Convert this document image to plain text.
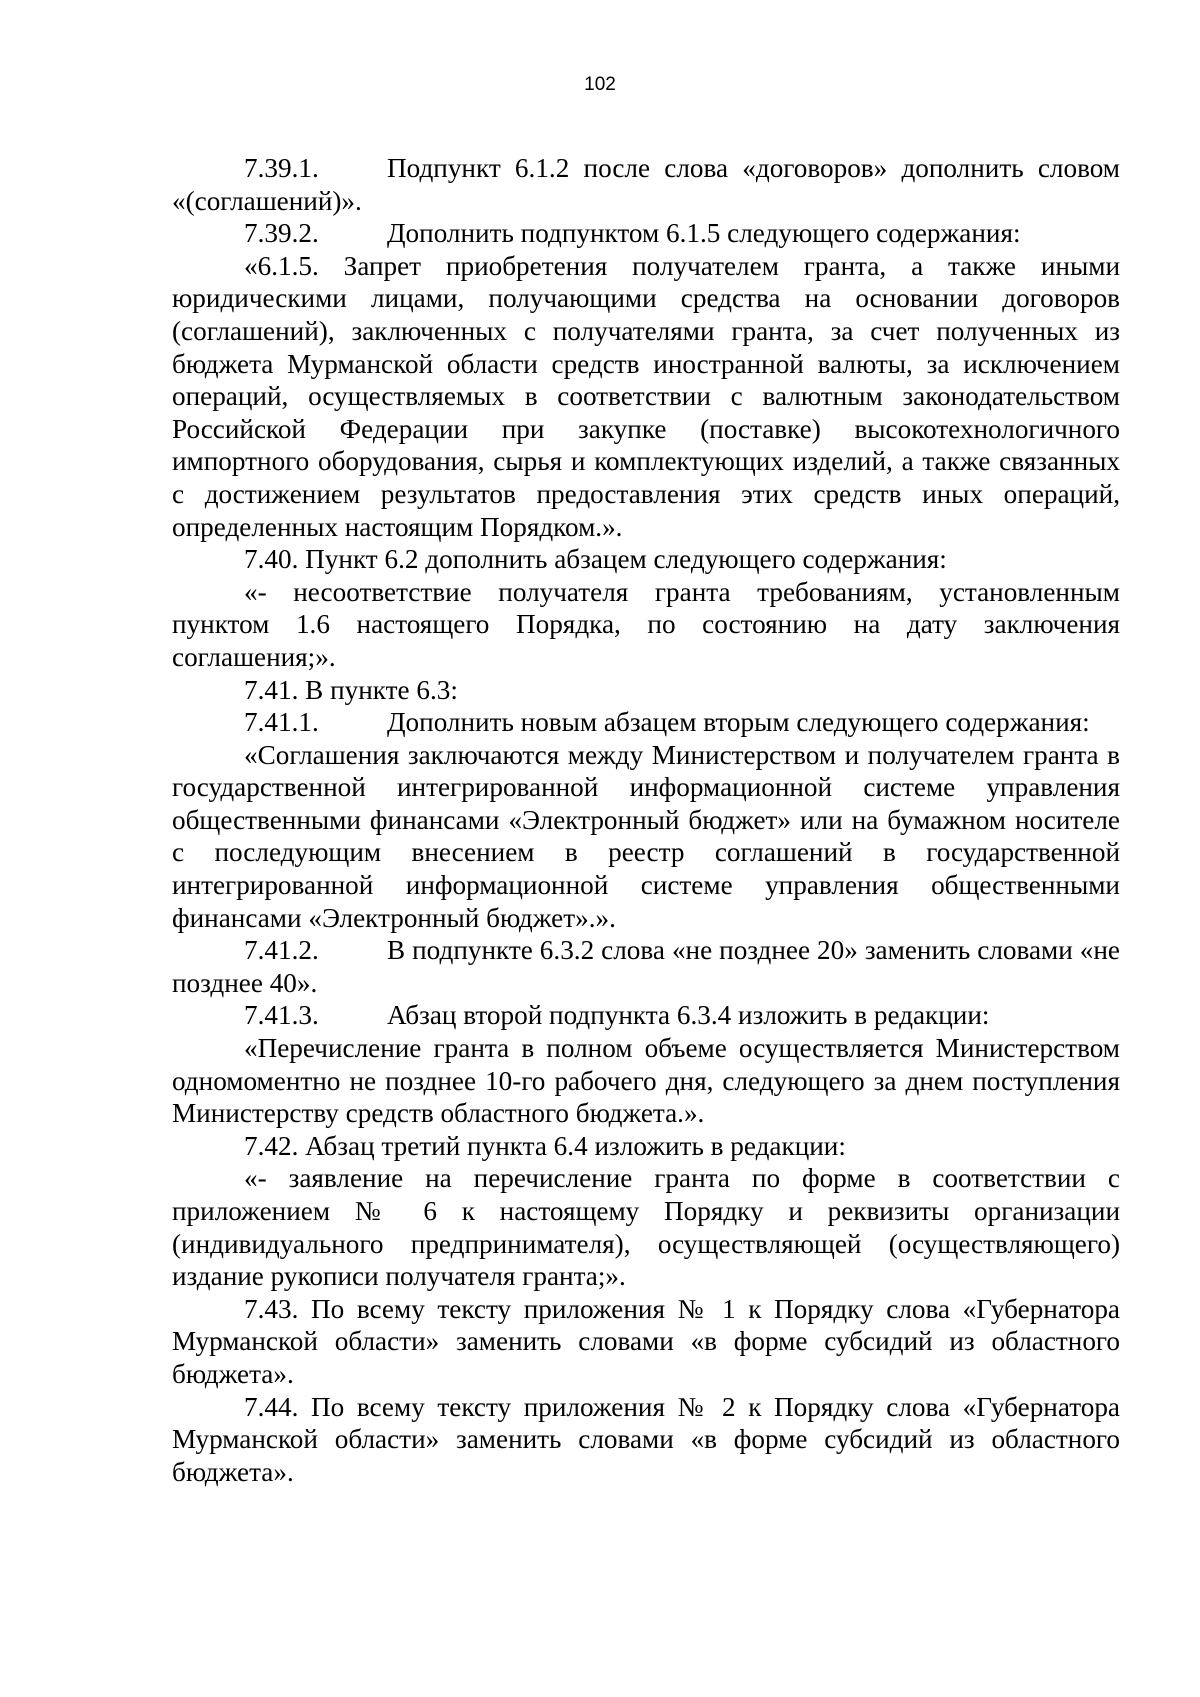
102

7.39.1.	Подпункт 6.1.2 после слова «договоров» дополнить словом «(соглашений)».

7.39.2.	Дополнить подпунктом 6.1.5 следующего содержания:

«6.1.5. Запрет приобретения получателем гранта, а также иными юридическими лицами, получающими средства на основании договоров (соглашений), заключенных с получателями гранта, за счет полученных из бюджета Мурманской области средств иностранной валюты, за исключением операций, осуществляемых в соответствии с валютным законодательством Российской Федерации при закупке (поставке) высокотехнологичного импортного оборудования, сырья и комплектующих изделий, а также связанных с достижением результатов предоставления этих средств иных операций, определенных настоящим Порядком.».

7.40. Пункт 6.2 дополнить абзацем следующего содержания:

«- несоответствие получателя гранта требованиям, установленным пунктом 1.6 настоящего Порядка, по состоянию на дату заключения соглашения;».

7.41. В пункте 6.3:

7.41.1.	Дополнить новым абзацем вторым следующего содержания:

«Соглашения заключаются между Министерством и получателем гранта в государственной интегрированной информационной системе управления общественными финансами «Электронный бюджет» или на бумажном носителе с последующим внесением в реестр соглашений в государственной интегрированной информационной системе управления общественными финансами «Электронный бюджет».».

7.41.2.	В подпункте 6.3.2 слова «не позднее 20» заменить словами «не позднее 40».

7.41.3.	Абзац второй подпункта 6.3.4 изложить в редакции:

«Перечисление гранта в полном объеме осуществляется Министерством одномоментно не позднее 10-го рабочего дня, следующего за днем поступления Министерству средств областного бюджета.».

7.42. Абзац третий пункта 6.4 изложить в редакции:

«- заявление на перечисление гранта по форме в соответствии с приложением № 6 к настоящему Порядку и реквизиты организации (индивидуального предпринимателя), осуществляющей (осуществляющего) издание рукописи получателя гранта;».

7.43. По всему тексту приложения № 1 к Порядку слова «Губернатора Мурманской области» заменить словами «в форме субсидий из областного бюджета».

7.44. По всему тексту приложения № 2 к Порядку слова «Губернатора Мурманской области» заменить словами «в форме субсидий из областного бюджета».
